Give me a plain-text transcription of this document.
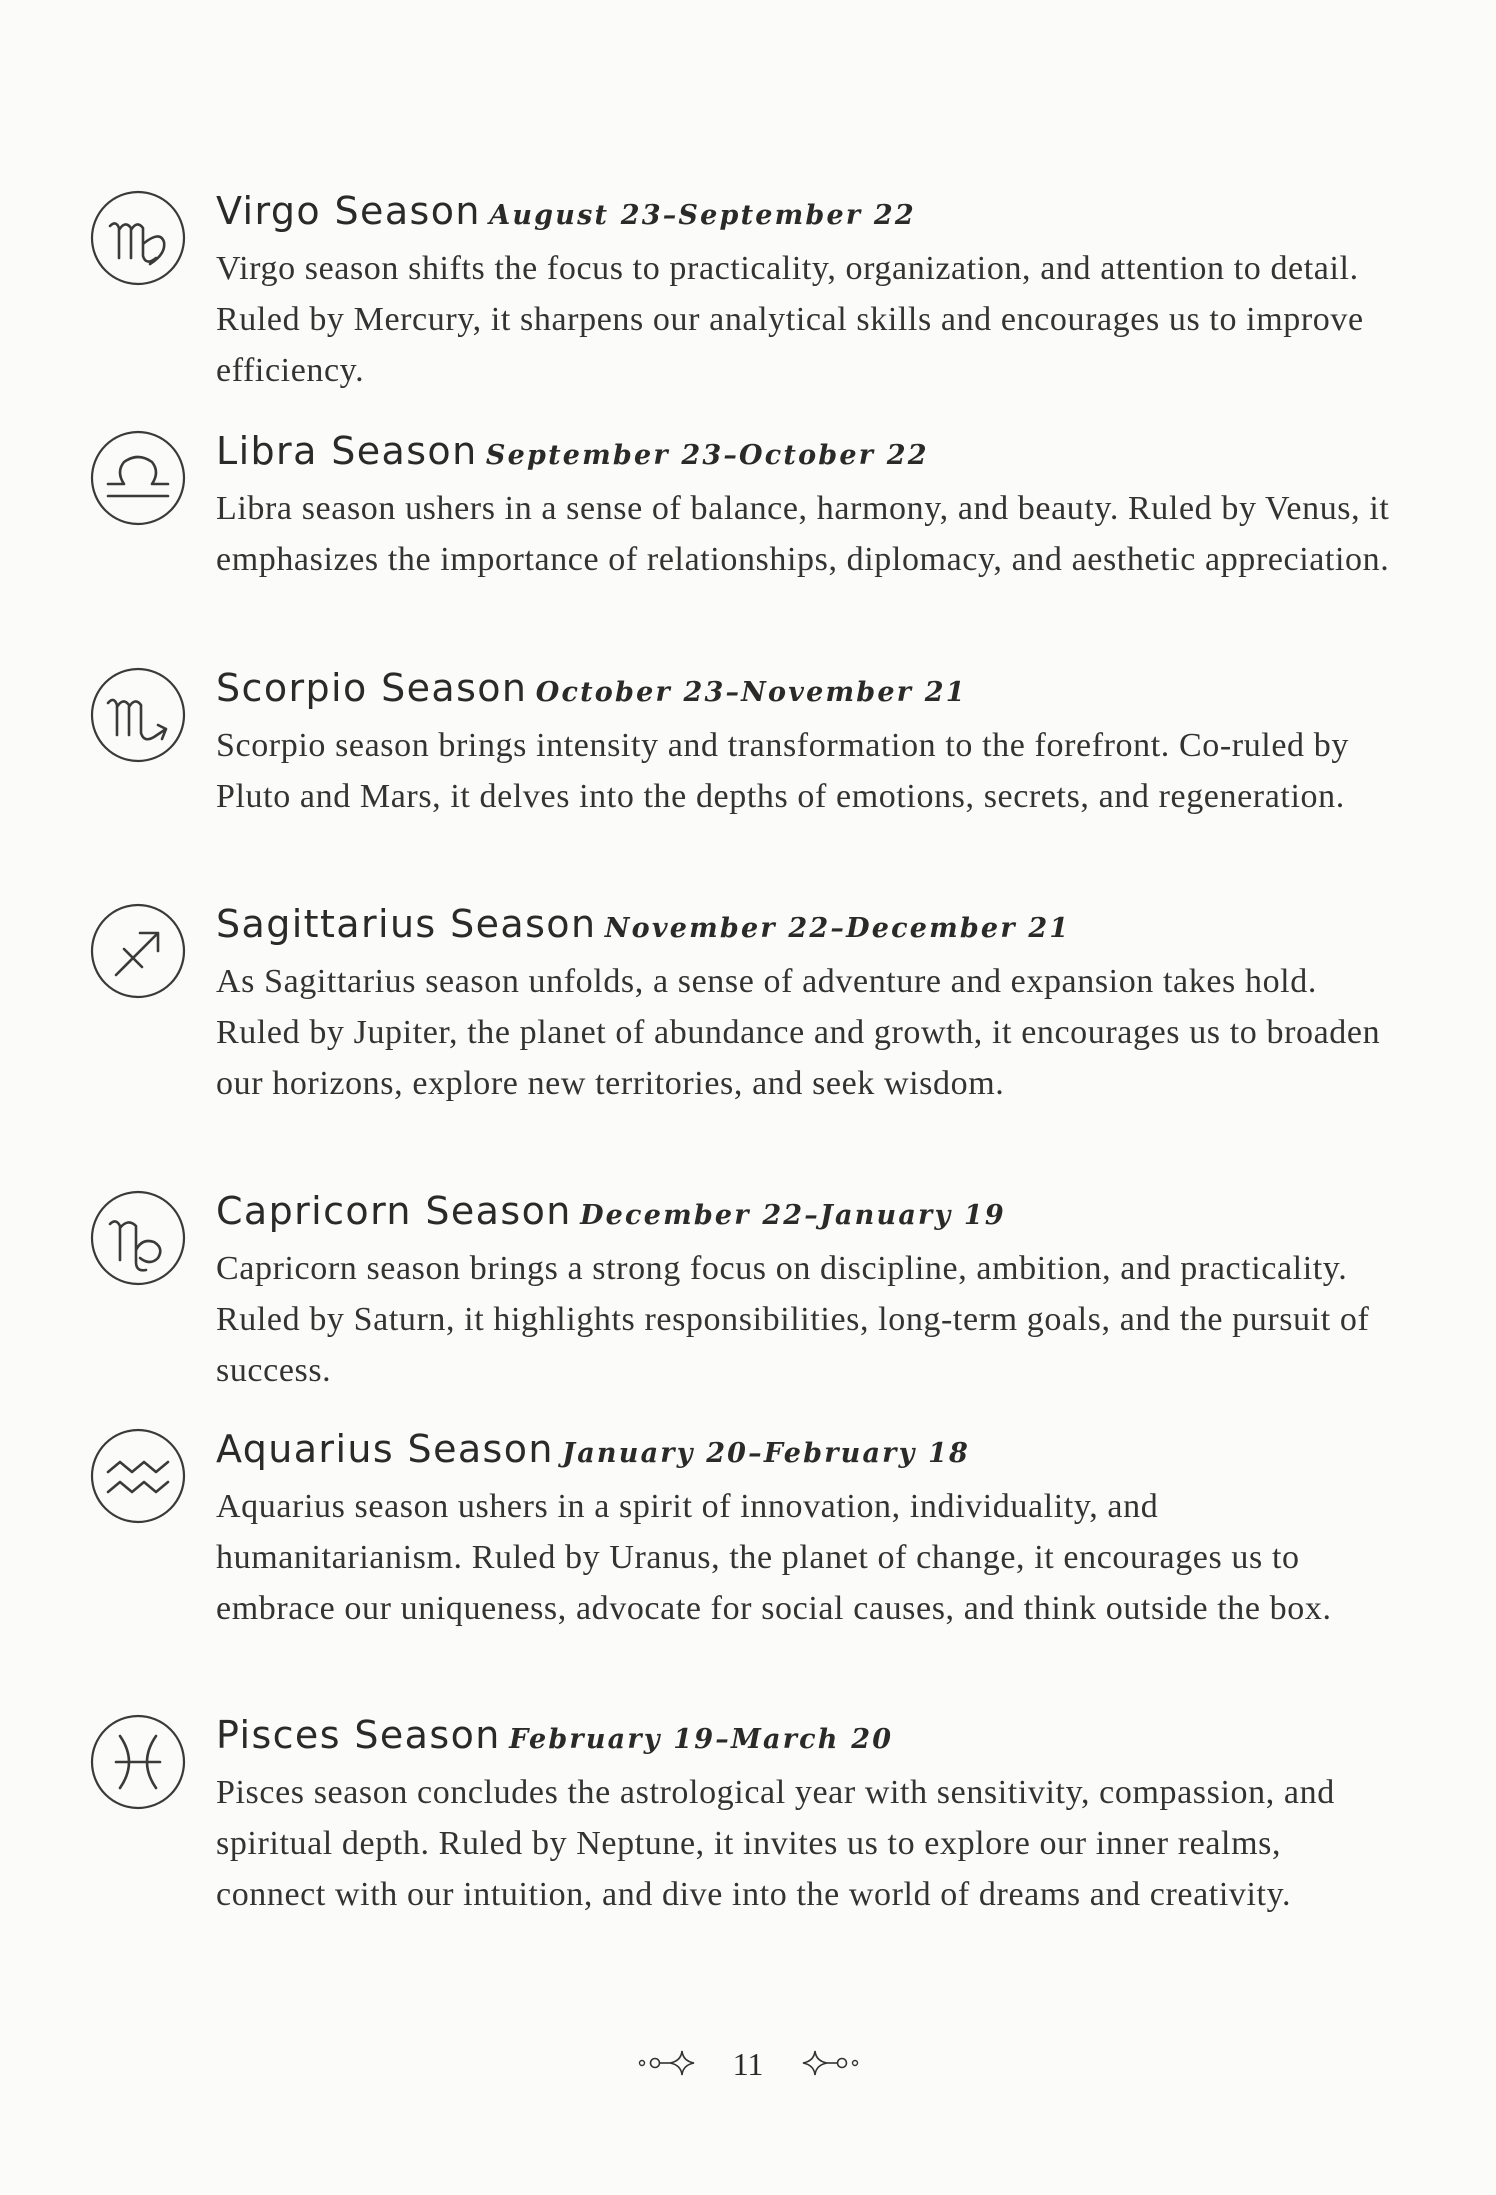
Virgo Season August 23–September 22

Virgo season shifts the focus to practicality, organization, and attention to detail. Ruled by Mercury, it sharpens our analytical skills and encourages us to improve efficiency.

Libra Season September 23–October 22

Libra season ushers in a sense of balance, harmony, and beauty. Ruled by Venus, it emphasizes the importance of relationships, diplomacy, and aesthetic appreciation.

Scorpio Season October 23–November 21

Scorpio season brings intensity and transformation to the forefront. Co-ruled by Pluto and Mars, it delves into the depths of emotions, secrets, and regeneration.

Sagittarius Season November 22–December 21

As Sagittarius season unfolds, a sense of adventure and expansion takes hold. Ruled by Jupiter, the planet of abundance and growth, it encourages us to broaden our horizons, explore new territories, and seek wisdom.

Capricorn Season December 22–January 19

Capricorn season brings a strong focus on discipline, ambition, and practicality. Ruled by Saturn, it highlights responsibilities, long-term goals, and the pursuit of success.

Aquarius Season January 20–February 18

Aquarius season ushers in a spirit of innovation, individuality, and humanitarianism. Ruled by Uranus, the planet of change, it encourages us to embrace our uniqueness, advocate for social causes, and think outside the box.

Pisces Season February 19–March 20

Pisces season concludes the astrological year with sensitivity, compassion, and spiritual depth. Ruled by Neptune, it invites us to explore our inner realms, connect with our intuition, and dive into the world of dreams and creativity.

11
